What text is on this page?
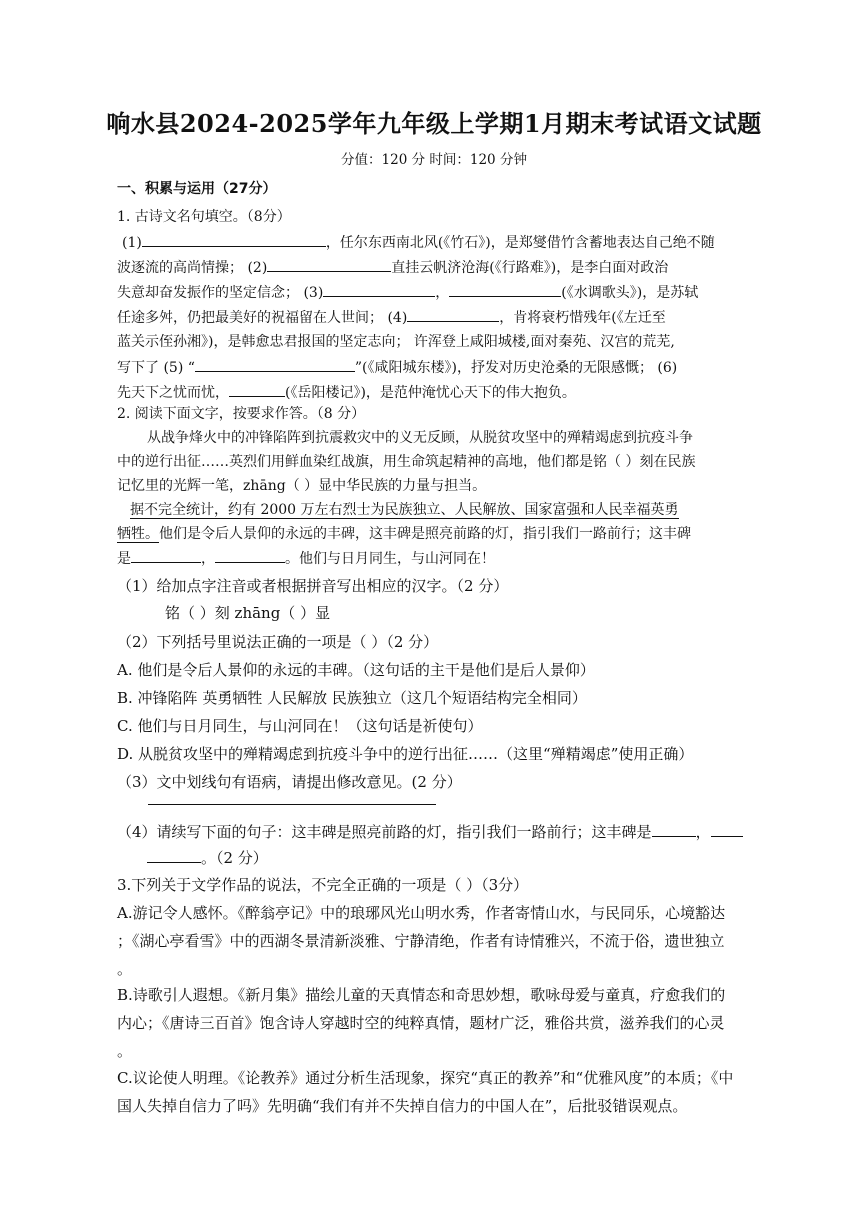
响水县2024-2025学年九年级上学期1月期末考试语文试题
分值：120 分 时间：120 分钟
一、积累与运用（27分）
1. 古诗文名句填空。（8分）
(1)	，任尔东西南北风(《竹石》)，是郑燮借竹含蓄地表达自己绝不随
波逐流的高尚情操； (2)	直挂云帆济沧海(《行路难》)，是李白面对政治
失意却奋发振作的坚定信念； (3)	，	(《水调歌头》)，是苏轼
任途多舛，仍把最美好的祝福留在人世间； (4)	，肯将衰朽惜残年(《左迁至
蓝关示侄孙湘》)，是韩愈忠君报国的坚定志向； 许浑登上咸阳城楼,面对秦苑、汉宫的荒芜,
写下了 (5) “	”(《咸阳城东楼》)，抒发对历史沧桑的无限感慨； (6)
先天下之忧而忧，	(《岳阳楼记》)，是范仲淹忧心天下的伟大抱负。
2. 阅读下面文字，按要求作答。（8 分）
从战争烽火中的冲锋陷阵到抗震救灾中的义无反顾，从脱贫攻坚中的殚精竭虑到抗疫斗争
中的逆行出征……英烈们用鲜血染红战旗，用生命筑起精神的高地，他们都是铭（ ）刻在民族
记忆里的光辉一笔，zhāng（ ）显中华民族的力量与担当。
据不完全统计，约有 2000 万左右烈士为民族独立、人民解放、国家富强和人民幸福英勇
牺牲。他们是令后人景仰的永远的丰碑，这丰碑是照亮前路的灯，指引我们一路前行；这丰碑
是	，	。他们与日月同生，与山河同在！
（1）给加点字注音或者根据拼音写出相应的汉字。（2 分）
铭（ ）刻 zhāng（ ）显
（2）下列括号里说法正确的一项是（ ）（2 分）
A. 他们是令后人景仰的永远的丰碑。（这句话的主干是他们是后人景仰）
B. 冲锋陷阵 英勇牺牲 人民解放 民族独立（这几个短语结构完全相同）
C. 他们与日月同生，与山河同在！（这句话是祈使句）
D. 从脱贫攻坚中的殚精竭虑到抗疫斗争中的逆行出征……（这里“殚精竭虑”使用正确）
（3）文中划线句有语病，请提出修改意见。(2 分）
（4）请续写下面的句子：这丰碑是照亮前路的灯，指引我们一路前行；这丰碑是	，
。（2 分）
3.下列关于文学作品的说法，不完全正确的一项是（ ）（3分）
A.游记令人感怀。《醉翁亭记》中的琅琊风光山明水秀，作者寄情山水，与民同乐，心境豁达
；《湖心亭看雪》中的西湖冬景清新淡雅、宁静清绝，作者有诗情雅兴，不流于俗，遗世独立
。
B.诗歌引人遐想。《新月集》描绘儿童的天真情态和奇思妙想，歌咏母爱与童真，疗愈我们的
内心；《唐诗三百首》饱含诗人穿越时空的纯粹真情，题材广泛，雅俗共赏，滋养我们的心灵
。
C.议论使人明理。《论教养》通过分析生活现象，探究“真正的教养”和“优雅风度”的本质；《中
国人失掉自信力了吗》先明确“我们有并不失掉自信力的中国人在”，后批驳错误观点。
